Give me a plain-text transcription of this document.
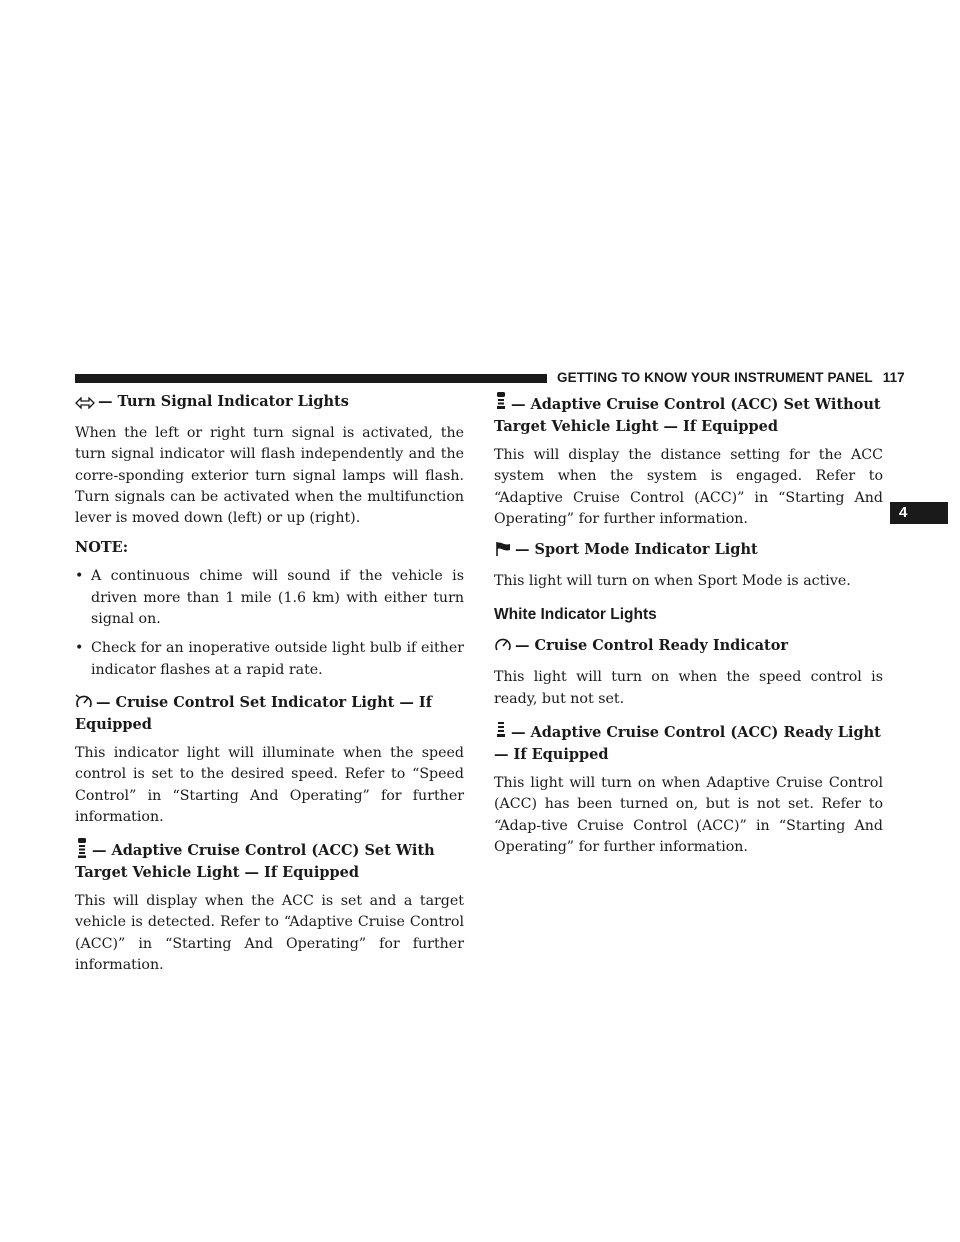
GETTING TO KNOW YOUR INSTRUMENT PANEL 117
4
— Turn Signal Indicator Lights

When the left or right turn signal is activated, the turn signal indicator will flash independently and the corre-sponding exterior turn signal lamps will flash. Turn signals can be activated when the multifunction lever is moved down (left) or up (right).

NOTE:
• A continuous chime will sound if the vehicle is driven more than 1 mile (1.6 km) with either turn signal on.
• Check for an inoperative outside light bulb if either indicator flashes at a rapid rate.
— Cruise Control Set Indicator Light — If Equipped

This indicator light will illuminate when the speed control is set to the desired speed. Refer to “Speed Control” in “Starting And Operating” for further information.

— Adaptive Cruise Control (ACC) Set With Target Vehicle Light — If Equipped

This will display when the ACC is set and a target vehicle is detected. Refer to “Adaptive Cruise Control (ACC)” in “Starting And Operating” for further information.

— Adaptive Cruise Control (ACC) Set Without Target Vehicle Light — If Equipped

This will display the distance setting for the ACC system when the system is engaged. Refer to “Adaptive Cruise Control (ACC)” in “Starting And Operating” for further information.

— Sport Mode Indicator Light

This light will turn on when Sport Mode is active.

White Indicator Lights
— Cruise Control Ready Indicator

This light will turn on when the speed control is ready, but not set.

— Adaptive Cruise Control (ACC) Ready Light — If Equipped

This light will turn on when Adaptive Cruise Control (ACC) has been turned on, but is not set. Refer to “Adap-tive Cruise Control (ACC)” in “Starting And Operating” for further information.
